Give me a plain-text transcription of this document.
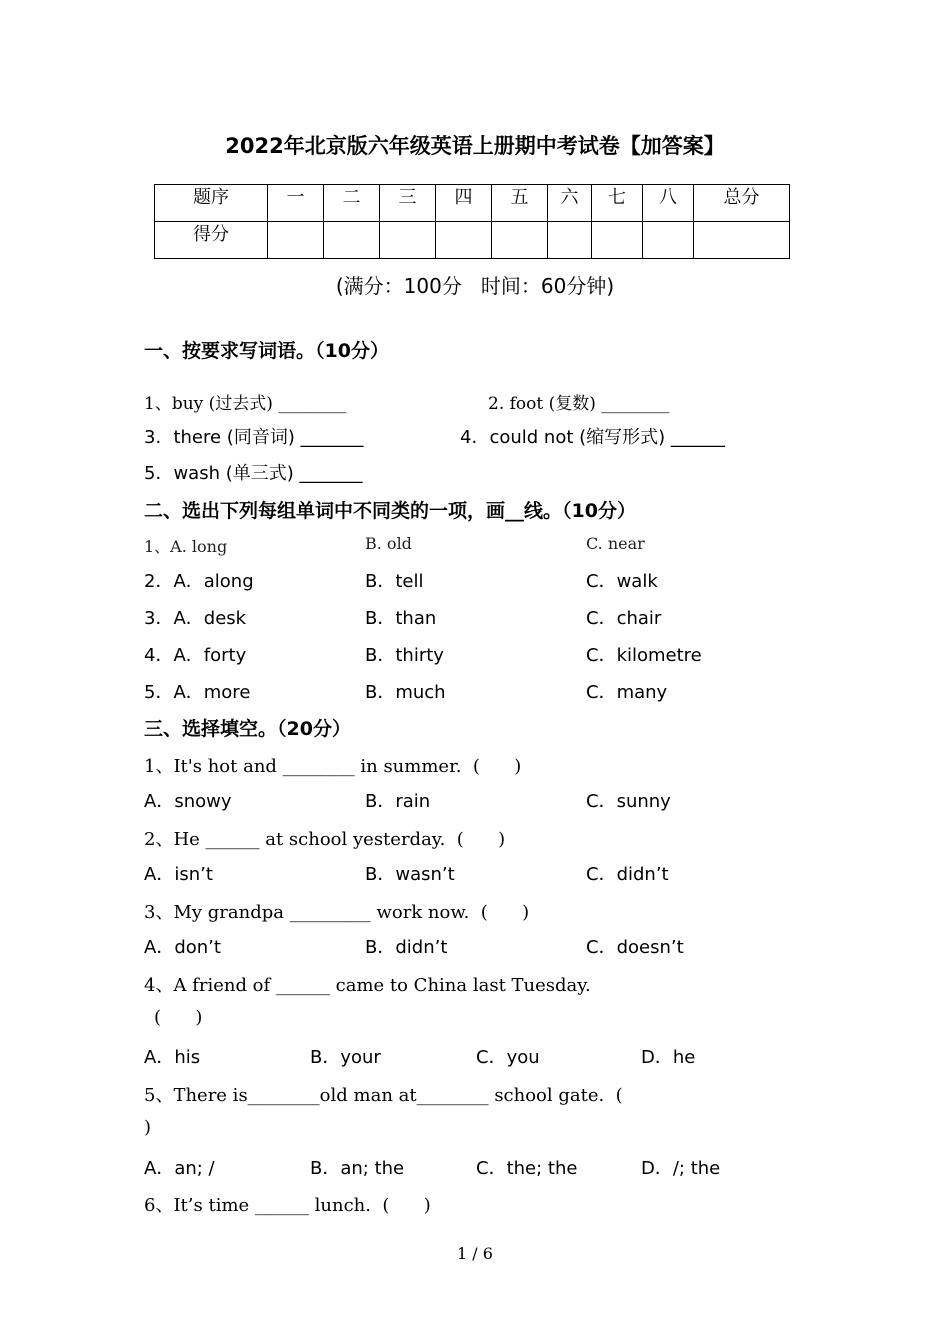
2022年北京版六年级英语上册期中考试卷【加答案】
题序	一	二	三	四	五	六	七	八	总分
得分									
(满分：100分   时间：60分钟)
一、按要求写词语。（10分）
1、buy (过去式) ________	2. foot (复数) ________
3．there (同音词) _______	4．could not (缩写形式) ______
5．wash (单三式) _______
二、选出下列每组单词中不同类的一项，画__线。（10分）
1、A. long	B. old	C. near
2．A．along	B．tell	C．walk
3．A．desk	B．than	C．chair
4．A．forty	B．thirty	C．kilometre
5．A．more	B．much	C．many
三、选择填空。（20分）
1、It's hot and ________ in summer.  (      )
A．snowy	B．rain	C．sunny
2、He ______ at school yesterday.  (      )
A．isn’t	B．wasn’t	C．didn’t
3、My grandpa _________ work now.  (      )
A．don’t	B．didn’t	C．doesn’t
4、A friend of ______ came to China last Tuesday.
(      )
A．his	B．your	C．you	D．he
5、There is________old man at________ school gate.  (
)
A．an; /	B．an; the	C．the; the	D．/; the
6、It’s time ______ lunch.  (      )
1 / 6
